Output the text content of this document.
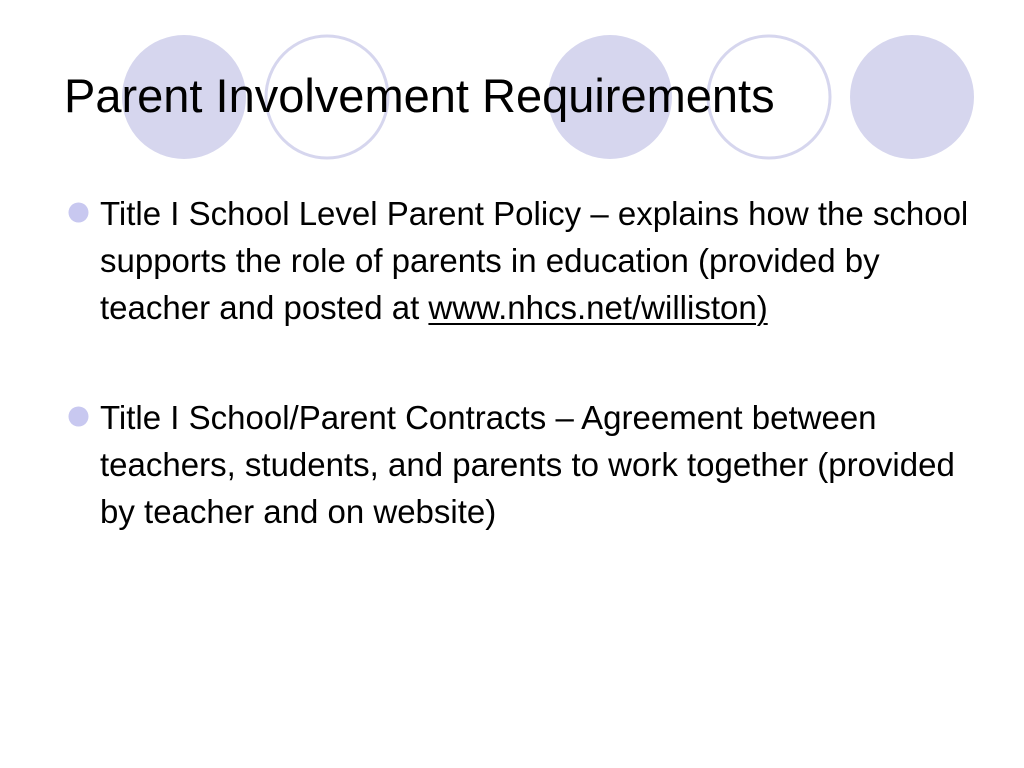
Parent Involvement Requirements
Title I School Level Parent Policy – explains how the school supports the role of parents in education (provided by teacher and posted at www.nhcs.net/williston)
Title I School/Parent Contracts – Agreement between teachers, students, and parents to work together (provided by teacher and on website)
